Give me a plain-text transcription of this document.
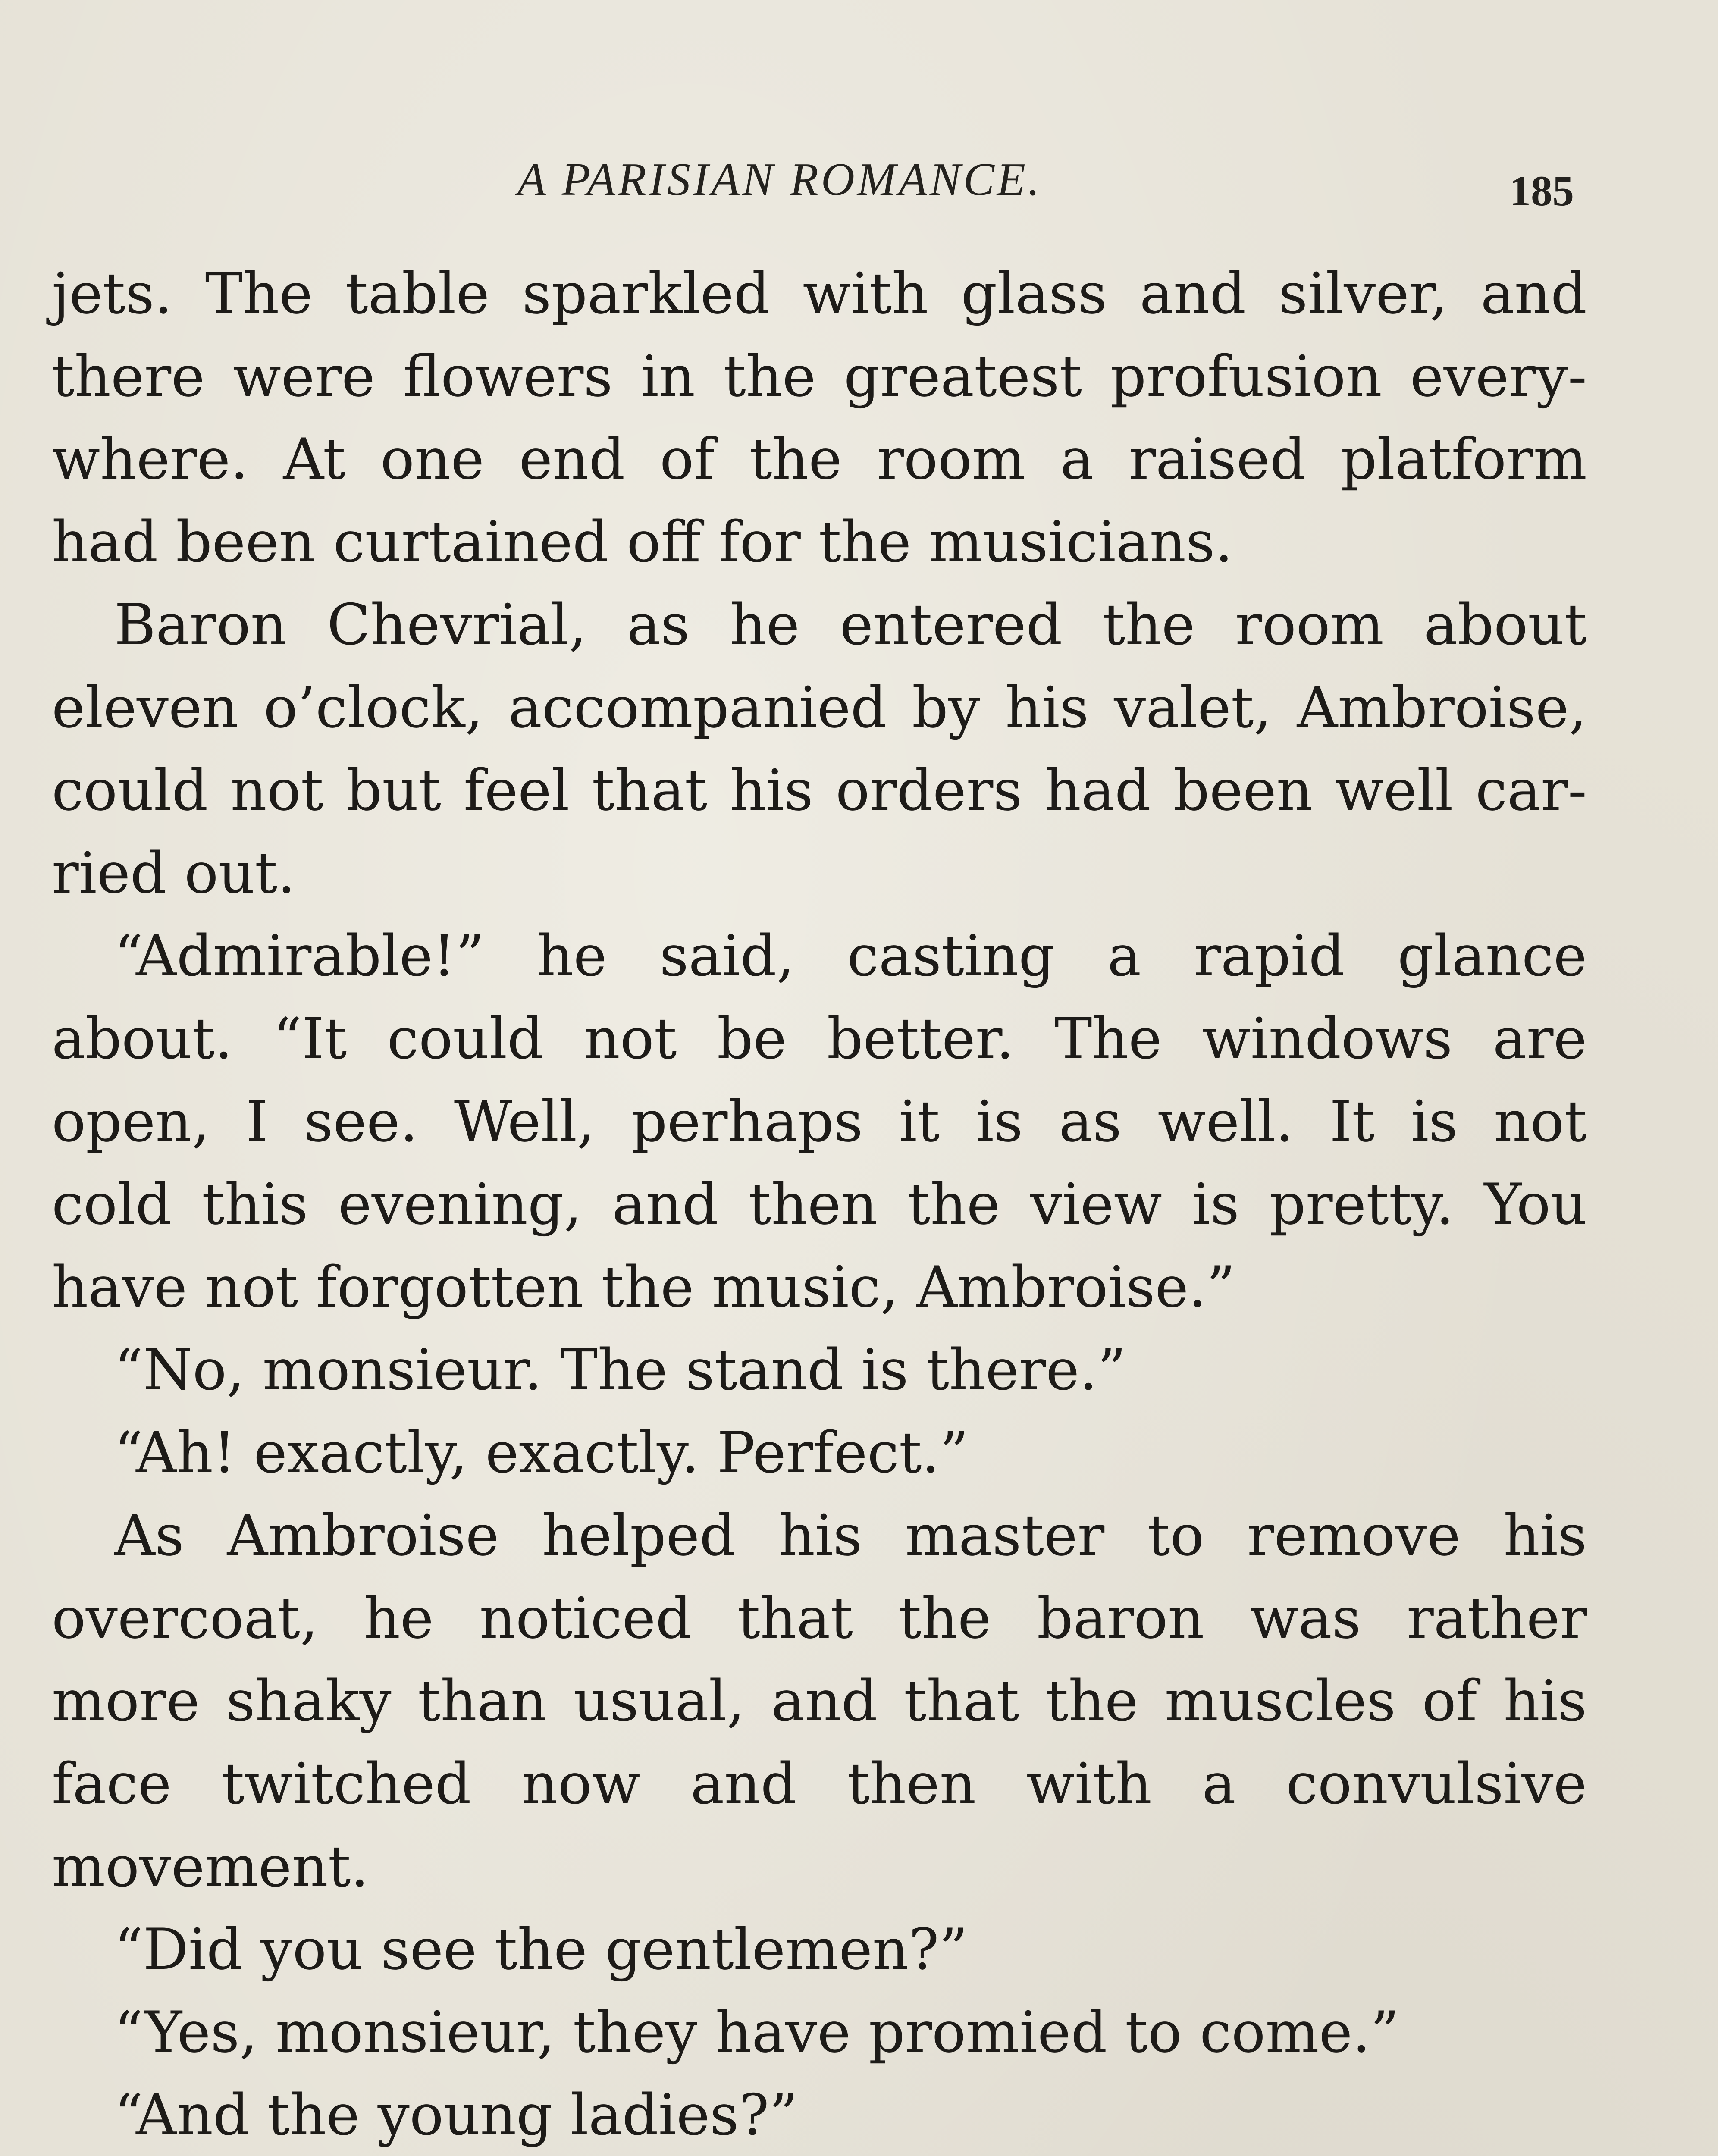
A PARISIAN ROMANCE.	185
jets. The table sparkled with glass and silver, and
there were flowers in the greatest profusion every-
where. At one end of the room a raised platform
had been curtained off for the musicians.
Baron Chevrial, as he entered the room about
eleven o’clock, accompanied by his valet, Ambroise,
could not but feel that his orders had been well car-
ried out.
“Admirable!” he said, casting a rapid glance
about. “It could not be better. The windows are
open, I see. Well, perhaps it is as well. It is not
cold this evening, and then the view is pretty. You
have not forgotten the music, Ambroise.”
“No, monsieur. The stand is there.”
“Ah! exactly, exactly. Perfect.”
As Ambroise helped his master to remove his
overcoat, he noticed that the baron was rather
more shaky than usual, and that the muscles of his
face twitched now and then with a convulsive
movement.
“Did you see the gentlemen?”
“Yes, monsieur, they have promied to come.”
“And the young ladies?”
